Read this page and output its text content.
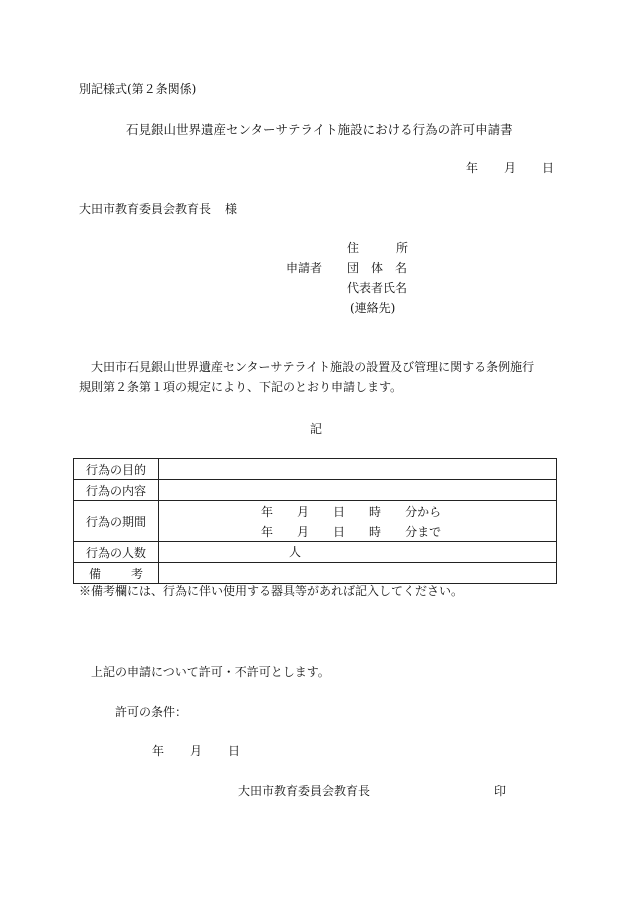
別記様式(第２条関係)
石見銀山世界遺産センターサテライト施設における行為の許可申請書
年 月 日
大田市教育委員会教育長 様
住	所
申請者 団 体 名
代表者氏名
(連絡先)
大田市石見銀山世界遺産センターサテライト施設の設置及び管理に関する条例施行
規則第２条第１項の規定により、下記のとおり申請します。
記
行為の目的	
行為の内容	
行為の期間	年 月 日 時 分から
年 月 日 時 分まで

行為の人数	人

備 考	
※備考欄には、行為に伴い使用する器具等があれば記入してください。
上記の申請について許可・不許可とします。
許可の条件：
年 月 日
大田市教育委員会教育長	印
